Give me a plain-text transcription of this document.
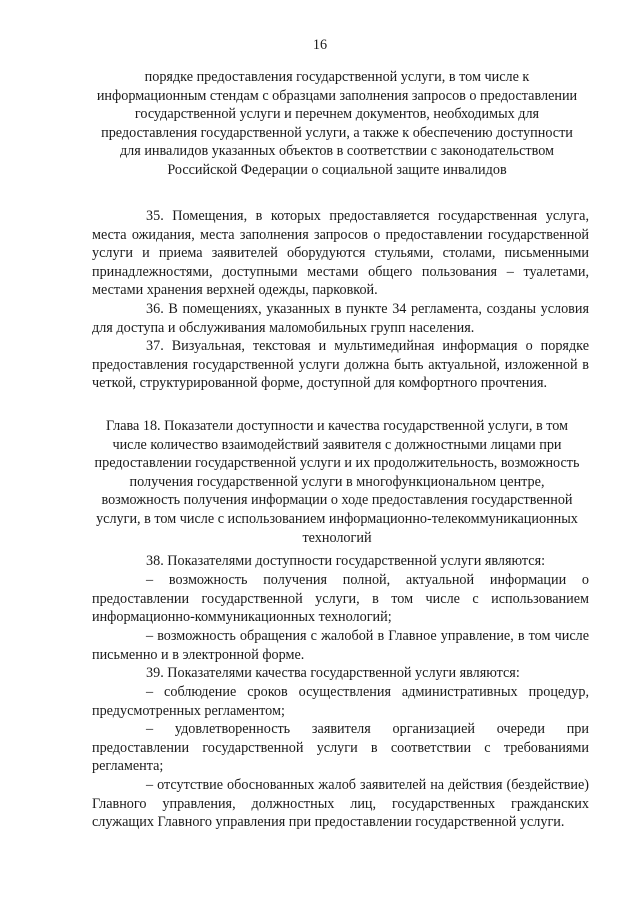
16
порядке предоставления государственной услуги, в том числе к информационным стендам с образцами заполнения запросов о предоставлении государственной услуги и перечнем документов, необходимых для предоставления государственной услуги, а также к обеспечению доступности для инвалидов указанных объектов в соответствии с законодательством Российской Федерации о социальной защите инвалидов

35. Помещения, в которых предоставляется государственная услуга, места ожидания, места заполнения запросов о предоставлении государственной услуги и приема заявителей оборудуются стульями, столами, письменными принадлежностями, доступными местами общего пользования – туалетами, местами хранения верхней одежды, парковкой.

36. В помещениях, указанных в пункте 34 регламента, созданы условия для доступа и обслуживания маломобильных групп населения.

37. Визуальная, текстовая и мультимедийная информация о порядке предоставления государственной услуги должна быть актуальной, изложенной в четкой, структурированной форме, доступной для комфортного прочтения.

Глава 18. Показатели доступности и качества государственной услуги, в том числе количество взаимодействий заявителя с должностными лицами при предоставлении государственной услуги и их продолжительность, возможность получения государственной услуги в многофункциональном центре, возможность получения информации о ходе предоставления государственной услуги, в том числе с использованием информационно-телекоммуникационных технологий

38. Показателями доступности государственной услуги являются:

– возможность получения полной, актуальной информации о предоставлении государственной услуги, в том числе с использованием информационно-коммуникационных технологий;

– возможность обращения с жалобой в Главное управление, в том числе письменно и в электронной форме.

39. Показателями качества государственной услуги являются:

– соблюдение сроков осуществления административных процедур, предусмотренных регламентом;

– удовлетворенность заявителя организацией очереди при предоставлении государственной услуги в соответствии с требованиями регламента;

– отсутствие обоснованных жалоб заявителей на действия (бездействие) Главного управления, должностных лиц, государственных гражданских служащих Главного управления при предоставлении государственной услуги.
